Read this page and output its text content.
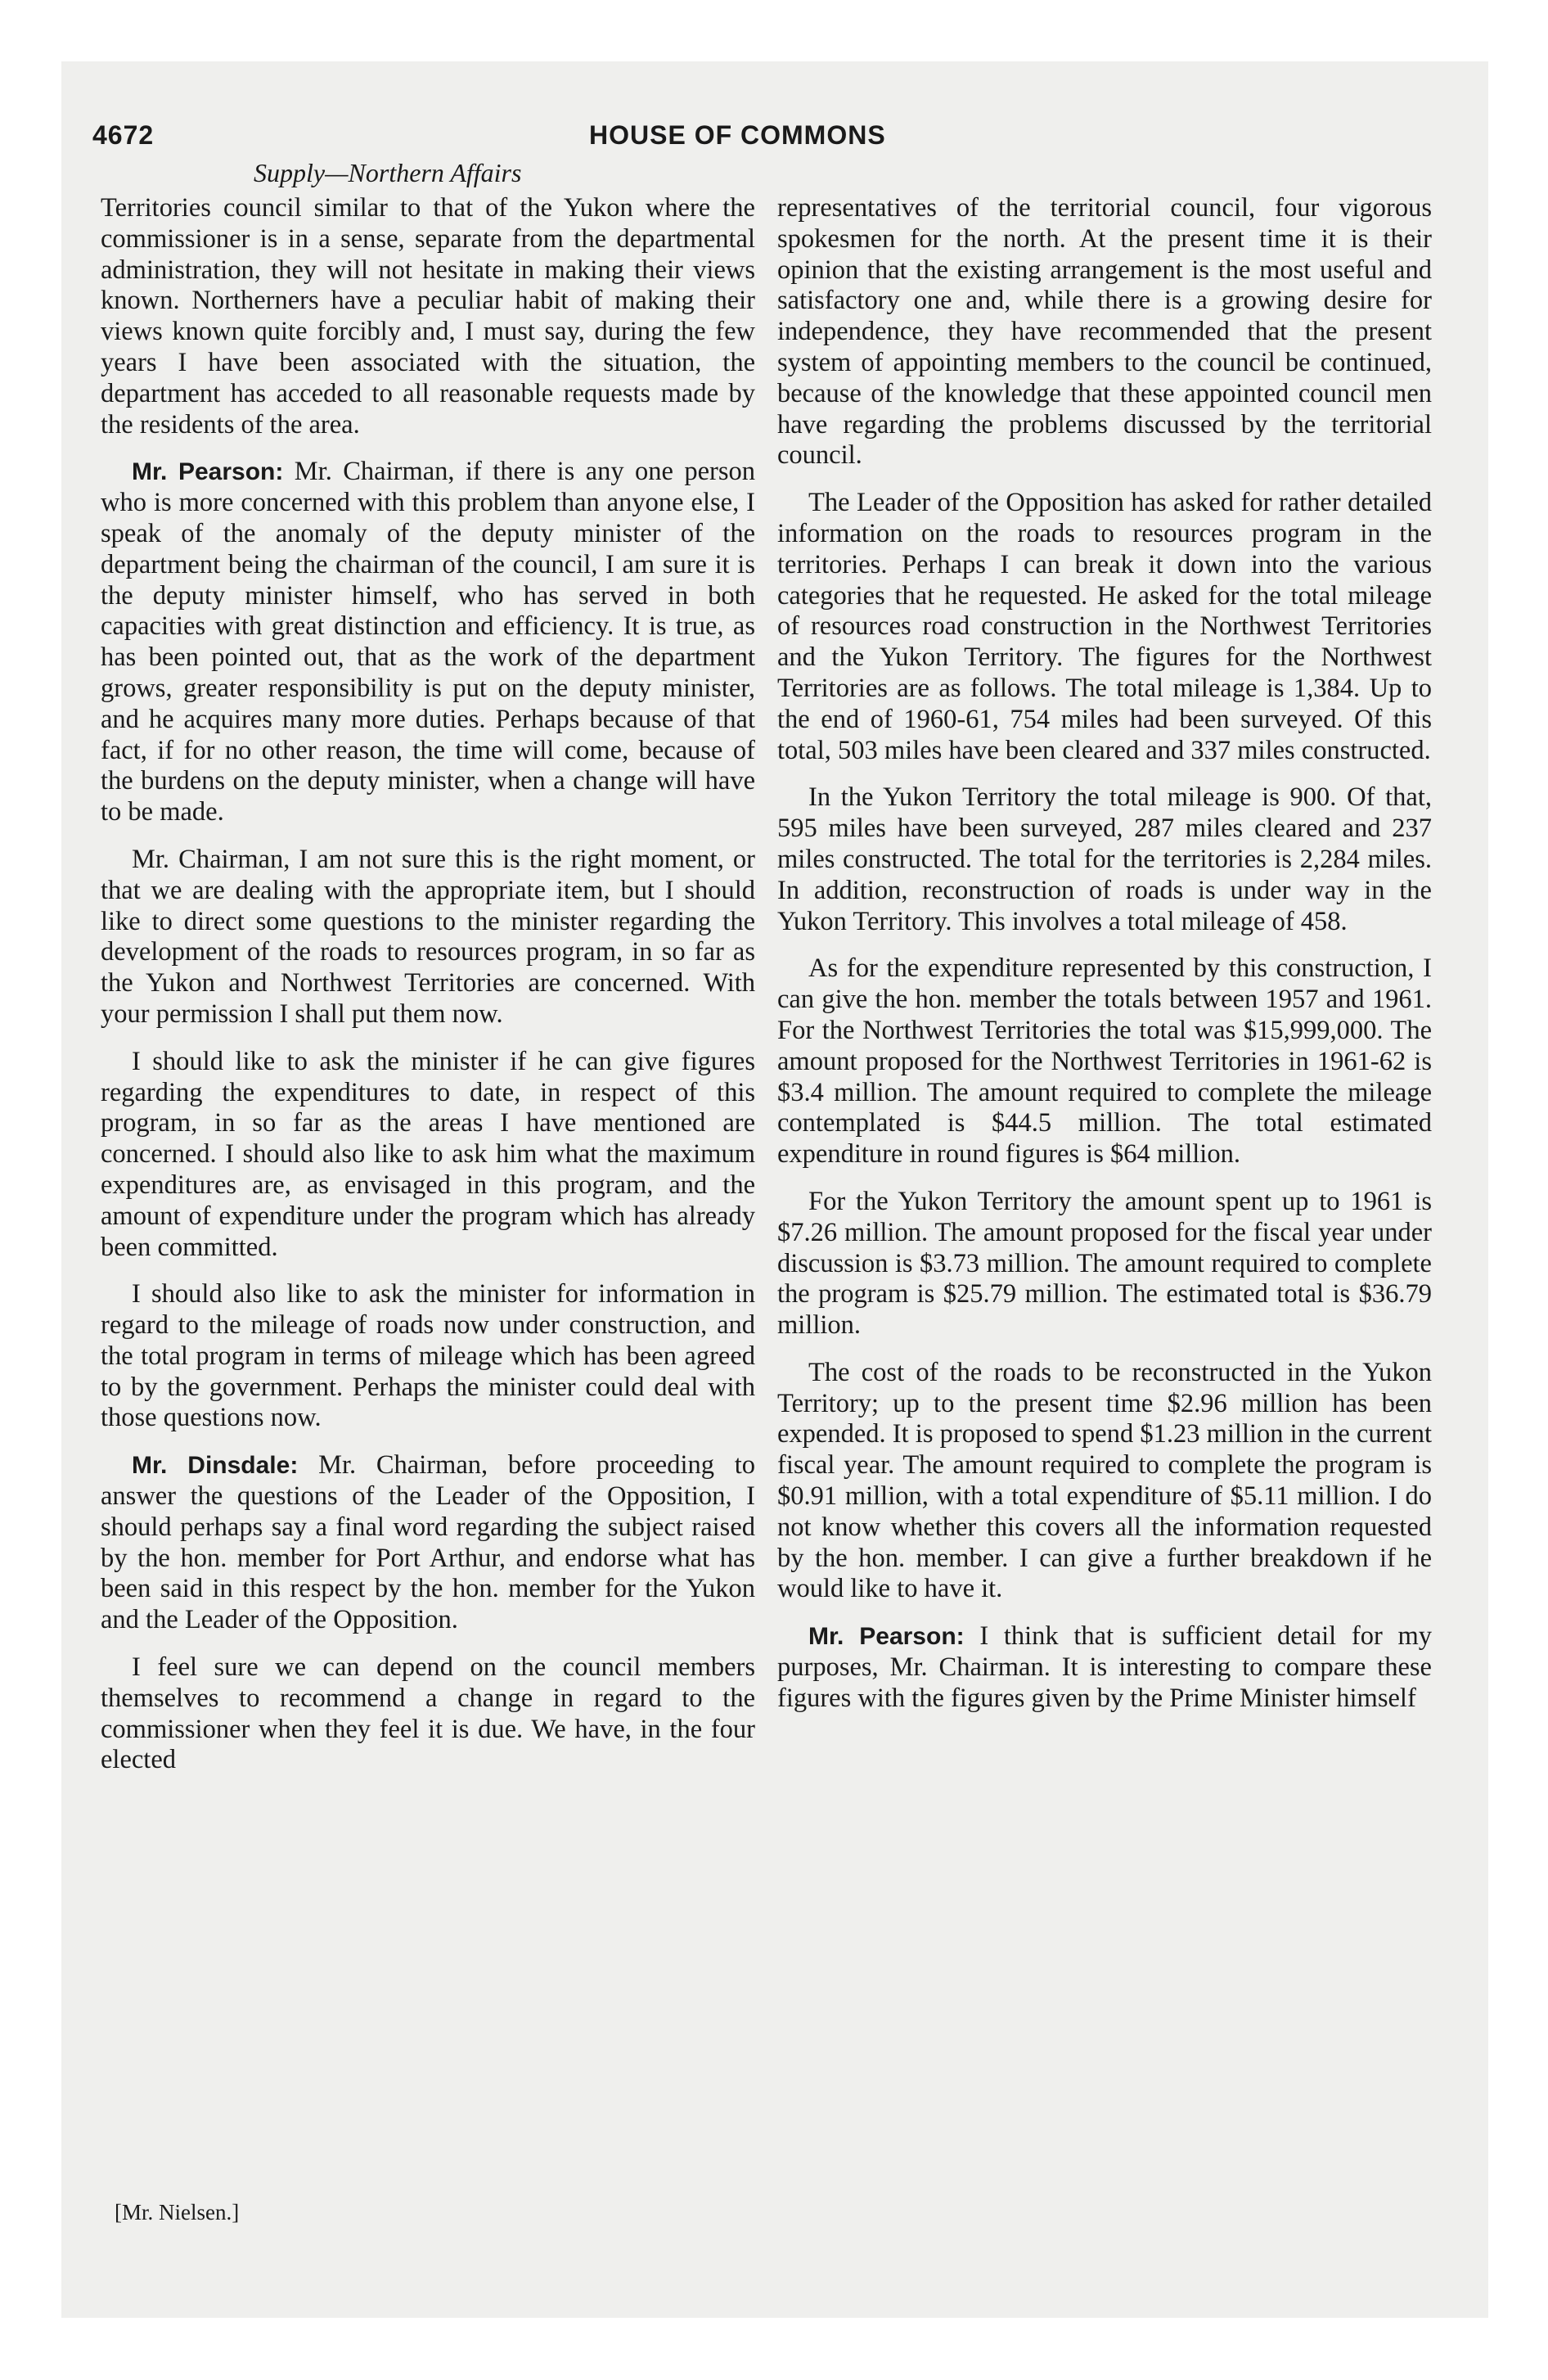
4672	HOUSE OF COMMONS
Supply—Northern Affairs

Territories council similar to that of the Yukon where the commissioner is in a sense, separate from the departmental administration, they will not hesitate in making their views known. Northerners have a peculiar habit of making their views known quite forcibly and, I must say, during the few years I have been associated with the situation, the department has acceded to all reasonable requests made by the residents of the area.

Mr. Pearson: Mr. Chairman, if there is any one person who is more concerned with this problem than anyone else, I speak of the anomaly of the deputy minister of the department being the chairman of the council, I am sure it is the deputy minister himself, who has served in both capacities with great distinction and efficiency. It is true, as has been pointed out, that as the work of the department grows, greater responsibility is put on the deputy minister, and he acquires many more duties. Perhaps because of that fact, if for no other reason, the time will come, because of the burdens on the deputy minister, when a change will have to be made.

Mr. Chairman, I am not sure this is the right moment, or that we are dealing with the appropriate item, but I should like to direct some questions to the minister regarding the development of the roads to resources program, in so far as the Yukon and Northwest Territories are concerned. With your permission I shall put them now.

I should like to ask the minister if he can give figures regarding the expenditures to date, in respect of this program, in so far as the areas I have mentioned are concerned. I should also like to ask him what the maximum expenditures are, as envisaged in this program, and the amount of expenditure under the program which has already been committed.

I should also like to ask the minister for information in regard to the mileage of roads now under construction, and the total program in terms of mileage which has been agreed to by the government. Perhaps the minister could deal with those questions now.

Mr. Dinsdale: Mr. Chairman, before proceeding to answer the questions of the Leader of the Opposition, I should perhaps say a final word regarding the subject raised by the hon. member for Port Arthur, and endorse what has been said in this respect by the hon. member for the Yukon and the Leader of the Opposition.

I feel sure we can depend on the council members themselves to recommend a change in regard to the commissioner when they feel it is due. We have, in the four elected

representatives of the territorial council, four vigorous spokesmen for the north. At the present time it is their opinion that the existing arrangement is the most useful and satisfactory one and, while there is a growing desire for independence, they have recommended that the present system of appointing members to the council be continued, because of the knowledge that these appointed council men have regarding the problems discussed by the territorial council.

The Leader of the Opposition has asked for rather detailed information on the roads to resources program in the territories. Perhaps I can break it down into the various categories that he requested. He asked for the total mileage of resources road construction in the Northwest Territories and the Yukon Territory. The figures for the Northwest Territories are as follows. The total mileage is 1,384. Up to the end of 1960-61, 754 miles had been surveyed. Of this total, 503 miles have been cleared and 337 miles constructed.

In the Yukon Territory the total mileage is 900. Of that, 595 miles have been surveyed, 287 miles cleared and 237 miles constructed. The total for the territories is 2,284 miles. In addition, reconstruction of roads is under way in the Yukon Territory. This involves a total mileage of 458.

As for the expenditure represented by this construction, I can give the hon. member the totals between 1957 and 1961. For the Northwest Territories the total was $15,999,000. The amount proposed for the Northwest Territories in 1961-62 is $3.4 million. The amount required to complete the mileage contemplated is $44.5 million. The total estimated expenditure in round figures is $64 million.

For the Yukon Territory the amount spent up to 1961 is $7.26 million. The amount proposed for the fiscal year under discussion is $3.73 million. The amount required to complete the program is $25.79 million. The estimated total is $36.79 million.

The cost of the roads to be reconstructed in the Yukon Territory; up to the present time $2.96 million has been expended. It is proposed to spend $1.23 million in the current fiscal year. The amount required to complete the program is $0.91 million, with a total expenditure of $5.11 million. I do not know whether this covers all the information requested by the hon. member. I can give a further breakdown if he would like to have it.

Mr. Pearson: I think that is sufficient detail for my purposes, Mr. Chairman. It is interesting to compare these figures with the figures given by the Prime Minister himself

[Mr. Nielsen.]
